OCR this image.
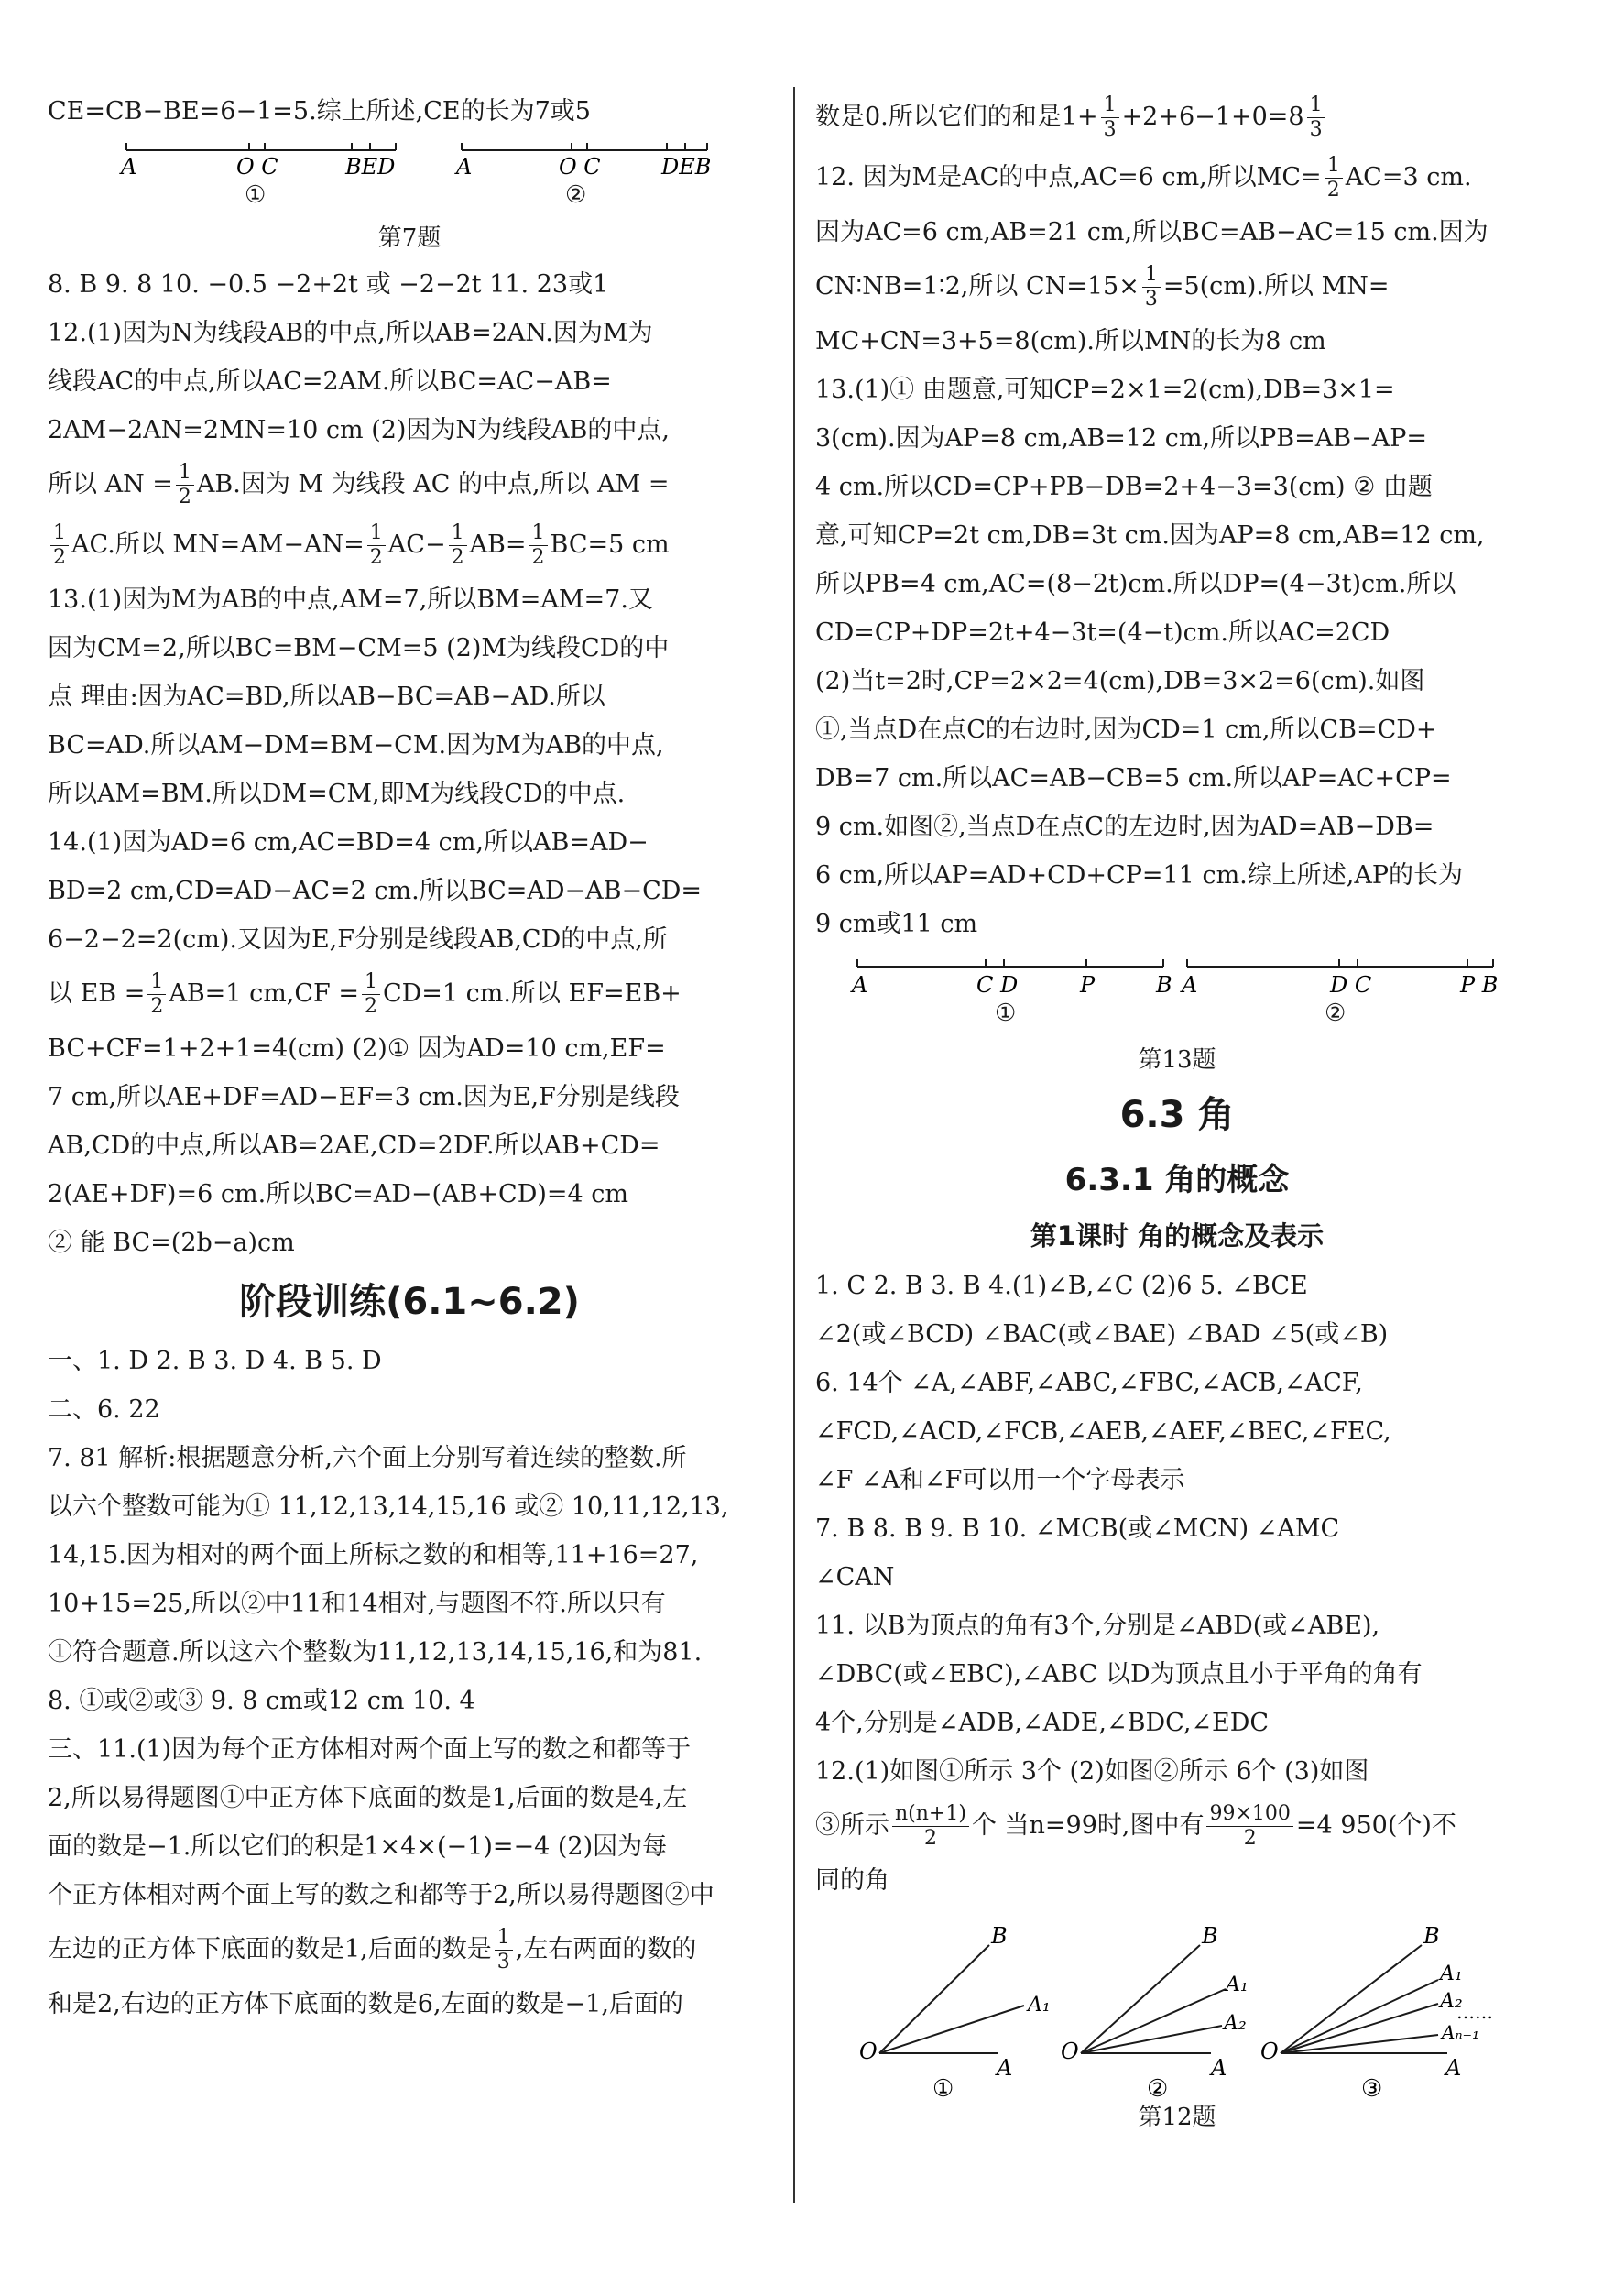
CE=CB−BE=6−1=5.综上所述,CE的长为7或5
A	O C	BED	A	O C	DEB
①	②
第7题
8. B 9. 8 10. −0.5 −2+2t 或 −2−2t 11. 23或1
12.(1)因为N为线段AB的中点,所以AB=2AN.因为M为
线段AC的中点,所以AC=2AM.所以BC=AC−AB=
2AM−2AN=2MN=10 cm (2)因为N为线段AB的中点,
所以 AN = $\frac{1}{2}$ AB.因为 M 为线段 AC 的中点,所以 AM =
$\frac{1}{2}$ AC.所以 $MN=AM-AN= \frac{1}{2} AC- \frac{1}{2} AB= \frac{1}{2} BC=5$ cm
13.(1)因为M为AB的中点,AM=7,所以BM=AM=7.又
因为CM=2,所以BC=BM−CM=5 (2)M为线段CD的中
点 理由:因为AC=BD,所以AB−BC=AB−AD.所以
BC=AD.所以AM−DM=BM−CM.因为M为AB的中点,
所以AM=BM.所以DM=CM,即M为线段CD的中点.
14.(1)因为AD=6 cm,AC=BD=4 cm,所以AB=AD−
BD=2 cm,CD=AD−AC=2 cm.所以BC=AD−AB−CD=
6−2−2=2(cm).又因为E,F分别是线段AB,CD的中点,所
以 EB = $\frac{1}{2} AB=1$ $cm,CF = \frac{1}{2} CD=1$ cm.所以 EF=EB+
BC+CF=1+2+1=4(cm) (2)① 因为AD=10 cm,EF=
7 cm,所以AE+DF=AD−EF=3 cm.因为E,F分别是线段
AB,CD的中点,所以AB=2AE,CD=2DF.所以AB+CD=
2(AE+DF)=6 cm.所以BC=AD−(AB+CD)=4 cm
② 能 BC=(2b−a)cm
阶段训练(6.1~6.2)
一、1. D 2. B 3. D 4. B 5. D
二、6. 22
7. 81 解析:根据题意分析,六个面上分别写着连续的整数.所
以六个整数可能为① 11,12,13,14,15,16 或② 10,11,12,13,
14,15.因为相对的两个面上所标之数的和相等,11+16=27,
10+15=25,所以②中11和14相对,与题图不符.所以只有
①符合题意.所以这六个整数为11,12,13,14,15,16,和为81.
8. ①或②或③ 9. 8 cm或12 cm 10. 4
三、11.(1)因为每个正方体相对两个面上写的数之和都等于
2,所以易得题图①中正方体下底面的数是1,后面的数是4,左
面的数是−1.所以它们的积是1×4×(−1)=−4 (2)因为每
个正方体相对两个面上写的数之和都等于2,所以易得题图②中
左边的正方体下底面的数是1,后面的数是 $\frac{1}{3}$ ,左右两面的数的
和是2,右边的正方体下底面的数是6,左面的数是−1,后面的
数是0.所以它们的和是$1+ \frac{1}{3} +2+6-1+0=8 \frac{1}{3}$
12. 因为M是AC的中点,AC=6 cm,所以$MC= \frac{1}{2} AC=3$ cm.
因为AC=6 cm,AB=21 cm,所以BC=AB−AC=15 cm.因为
CN∶NB=1∶2,所以 $CN=15\times \frac{1}{3} =5(cm)$.所以 MN=
MC+CN=3+5=8(cm).所以MN的长为8 cm
13.(1)① 由题意,可知CP=2×1=2(cm),DB=3×1=
3(cm).因为AP=8 cm,AB=12 cm,所以PB=AB−AP=
4 cm.所以CD=CP+PB−DB=2+4−3=3(cm) ② 由题
意,可知CP=2t cm,DB=3t cm.因为AP=8 cm,AB=12 cm,
所以PB=4 cm,AC=(8−2t)cm.所以DP=(4−3t)cm.所以
CD=CP+DP=2t+4−3t=(4−t)cm.所以AC=2CD
(2)当t=2时,CP=2×2=4(cm),DB=3×2=6(cm).如图
①,当点D在点C的右边时,因为CD=1 cm,所以CB=CD+
DB=7 cm.所以AC=AB−CB=5 cm.所以AP=AC+CP=
9 cm.如图②,当点D在点C的左边时,因为AD=AB−DB=
6 cm,所以AP=AD+CD+CP=11 cm.综上所述,AP的长为
9 cm或11 cm
A	C D	P	B A	D C	P B
①	②
第13题
6.3 角
6.3.1 角的概念
第1课时 角的概念及表示
1. C 2. B 3. B 4.(1)∠B,∠C (2)6 5. ∠BCE
∠2(或∠BCD) ∠BAC(或∠BAE) ∠BAD ∠5(或∠B)
6. 14个 ∠A,∠ABF,∠ABC,∠FBC,∠ACB,∠ACF,
∠FCD,∠ACD,∠FCB,∠AEB,∠AEF,∠BEC,∠FEC,
∠F ∠A和∠F可以用一个字母表示
7. B 8. B 9. B 10. ∠MCB(或∠MCN) ∠AMC
∠CAN
11. 以B为顶点的角有3个,分别是∠ABD(或∠ABE),
∠DBC(或∠EBC),∠ABC 以D为顶点且小于平角的角有
4个,分别是∠ADB,∠ADE,∠BDC,∠EDC
12.(1)如图①所示 3个 (2)如图②所示 6个 (3)如图
③所示 $\frac{n(n+1)}{2}$ 个 当n=99时,图中有 $\frac{99\times 100}{2} =4$ 950(个)不
同的角
B
A₁
O
A
①
B
A₁
A₂
O
A
②
B
A₁
A₂
……
Aₙ₋₁
O
A
③
第12题
